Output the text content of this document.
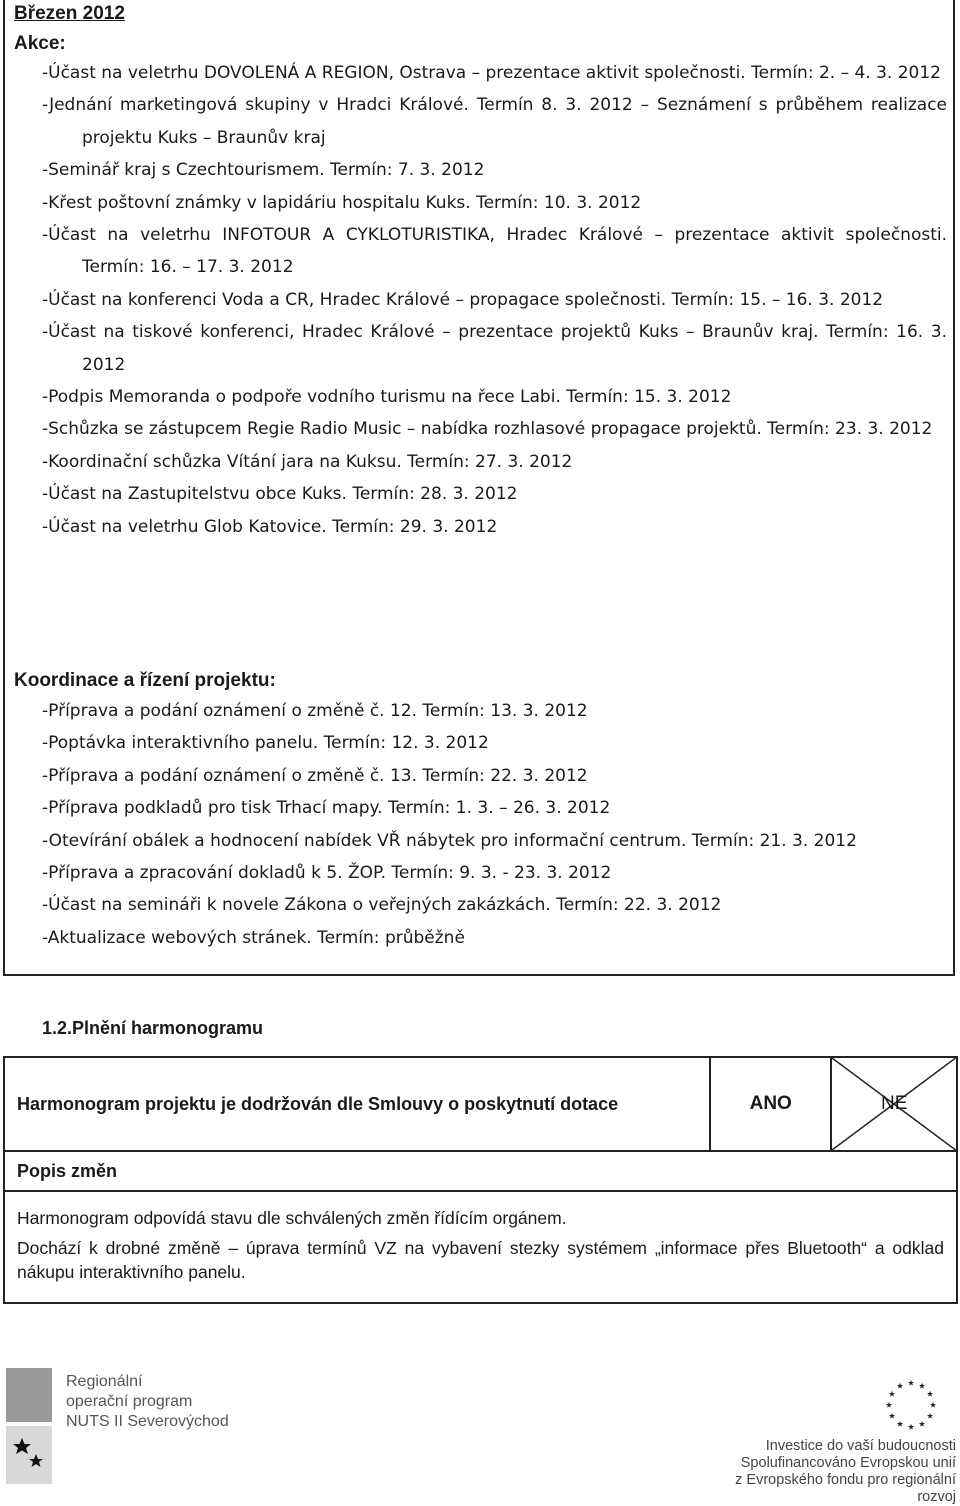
Březen 2012
Akce:
-Účast na veletrhu DOVOLENÁ A REGION, Ostrava – prezentace aktivit společnosti. Termín: 2. – 4. 3. 2012
-Jednání marketingová skupiny v Hradci Králové. Termín 8. 3. 2012 – Seznámení s průběhem realizace projektu Kuks – Braunův kraj
-Seminář kraj s Czechtourismem. Termín: 7. 3. 2012
-Křest poštovní známky v lapidáriu hospitalu Kuks. Termín: 10. 3. 2012
-Účast na veletrhu INFOTOUR A CYKLOTURISTIKA, Hradec Králové – prezentace aktivit společnosti. Termín: 16. – 17. 3. 2012
-Účast na konferenci Voda a CR, Hradec Králové – propagace společnosti. Termín: 15. – 16. 3. 2012
-Účast na tiskové konferenci, Hradec Králové – prezentace projektů Kuks – Braunův kraj. Termín: 16. 3. 2012
-Podpis Memoranda o podpoře vodního turismu na řece Labi. Termín: 15. 3. 2012
-Schůzka se zástupcem Regie Radio Music – nabídka rozhlasové propagace projektů. Termín: 23. 3. 2012
-Koordinační schůzka Vítání jara na Kuksu. Termín: 27. 3. 2012
-Účast na Zastupitelstvu obce Kuks. Termín: 28. 3. 2012
-Účast na veletrhu Glob Katovice. Termín: 29. 3. 2012
Koordinace a řízení projektu:
-Příprava a podání oznámení o změně č. 12. Termín: 13. 3. 2012
-Poptávka interaktivního panelu. Termín: 12. 3. 2012
-Příprava a podání oznámení o změně č. 13. Termín: 22. 3. 2012
-Příprava podkladů pro tisk Trhací mapy. Termín: 1. 3. – 26. 3. 2012
-Otevírání obálek a hodnocení nabídek VŘ nábytek pro informační centrum. Termín: 21. 3. 2012
-Příprava a zpracování dokladů k 5. ŽOP. Termín: 9. 3. - 23. 3. 2012
-Účast na semináři k novele Zákona o veřejných zakázkách. Termín: 22. 3. 2012
-Aktualizace webových stránek. Termín: průběžně
1.2.Plnění harmonogramu
Harmonogram projektu je dodržován dle Smlouvy o poskytnutí dotace	ANO	NE
Popis změn

Harmonogram odpovídá stavu dle schválených změn řídícím orgánem.

Dochází k drobné změně – úprava termínů VZ na vybavení stezky systémem „informace přes Bluetooth“ a odklad nákupu interaktivního panelu.

Regionální
operační program
NUTS II Severovýchod
Investice do vaší budoucnosti
Spolufinancováno Evropskou unií
z Evropského fondu pro regionální rozvoj
